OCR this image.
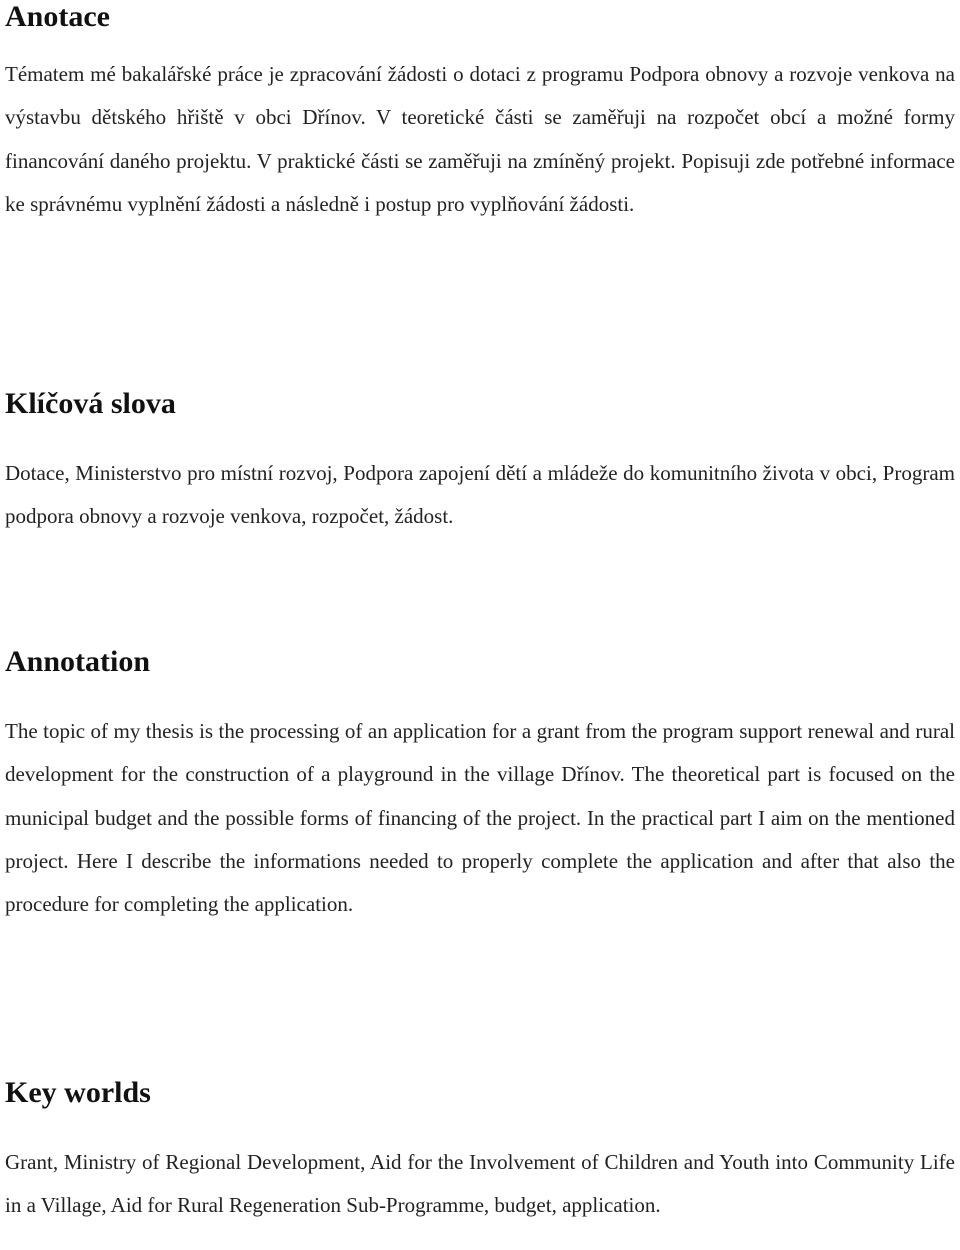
Anotace

Tématem mé bakalářské práce je zpracování žádosti o dotaci z programu Podpora obnovy a rozvoje venkova na výstavbu dětského hřiště v obci Dřínov. V teoretické části se zaměřuji na rozpočet obcí a možné formy financování daného projektu. V praktické části se zaměřuji na zmíněný projekt. Popisuji zde potřebné informace ke správnému vyplnění žádosti a následně i postup pro vyplňování žádosti.

Klíčová slova

Dotace, Ministerstvo pro místní rozvoj, Podpora zapojení dětí a mládeže do komunitního života v obci, Program podpora obnovy a rozvoje venkova, rozpočet, žádost.

Annotation

The topic of my thesis is the processing of an application for a grant from the program support renewal and rural development for the construction of a playground in the village Dřínov. The theoretical part is focused on the municipal budget and the possible forms of financing of the project. In the practical part I aim on the mentioned project. Here I describe the informations needed to properly complete the application and after that also the procedure for completing the application.

Key worlds

Grant, Ministry of Regional Development, Aid for the Involvement of Children and Youth into Community Life in a Village, Aid for Rural Regeneration Sub-Programme, budget, application.
